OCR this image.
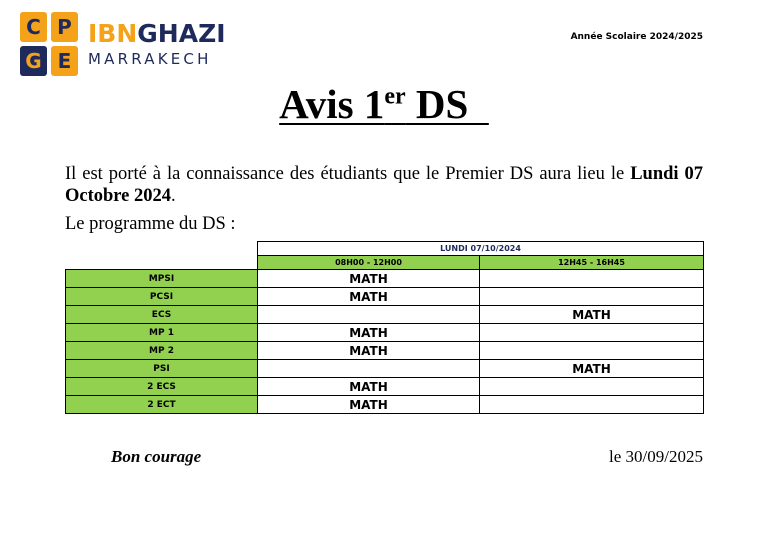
C P
G E
IBNGHAZI
MARRAKECH
Année Scolaire 2024/2025
Avis 1er DS
Il est porté à la connaissance des étudiants que le Premier DS aura lieu le Lundi 07 Octobre 2024.
Le programme du DS :
	LUNDI 07/10/2024	
	08H00 - 12H00	12H45 - 16H45
MPSI	MATH	
PCSI	MATH	
ECS		MATH
MP 1	MATH	
MP 2	MATH	
PSI		MATH
2 ECS	MATH	
2 ECT	MATH	
Bon courage	le 30/09/2025
